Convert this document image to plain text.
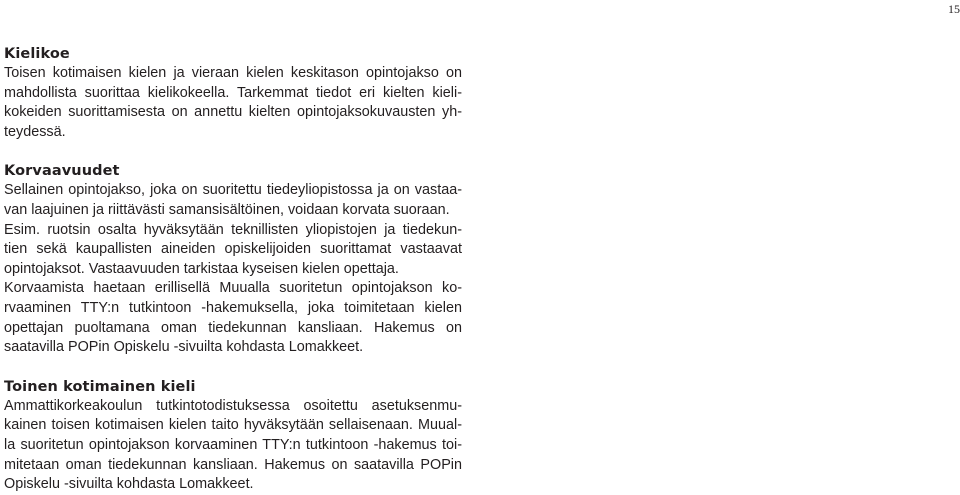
15
Kielikoe
Toisen kotimaisen kielen ja vieraan kielen keskitason opintojakso on
mahdollista suorittaa kielikokeella. Tarkemmat tiedot eri kielten kieli-
kokeiden suorittamisesta on annettu kielten opintojaksokuvausten yh-
teydessä.
Korvaavuudet
Sellainen opintojakso, joka on suoritettu tiedeyliopistossa ja on vastaa-
van laajuinen ja riittävästi samansisältöinen, voidaan korvata suoraan.
Esim. ruotsin osalta hyväksytään teknillisten yliopistojen ja tiedekun-
tien sekä kaupallisten aineiden opiskelijoiden suorittamat vastaavat
opintojaksot. Vastaavuuden tarkistaa kyseisen kielen opettaja.
Korvaamista haetaan erillisellä Muualla suoritetun opintojakson ko-
rvaaminen TTY:n tutkintoon -hakemuksella, joka toimitetaan kielen
opettajan puoltamana oman tiedekunnan kansliaan. Hakemus on
saatavilla POPin Opiskelu -sivuilta kohdasta Lomakkeet.
Toinen kotimainen kieli
Ammattikorkeakoulun tutkintotodistuksessa osoitettu asetuksenmu-
kainen toisen kotimaisen kielen taito hyväksytään sellaisenaan. Muual-
la suoritetun opintojakson korvaaminen TTY:n tutkintoon -hakemus toi-
mitetaan oman tiedekunnan kansliaan. Hakemus on saatavilla POPin
Opiskelu -sivuilta kohdasta Lomakkeet.
